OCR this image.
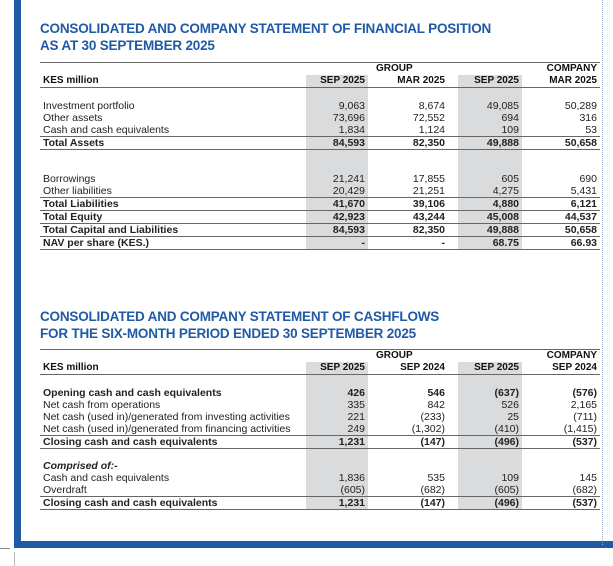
CONSOLIDATED AND COMPANY STATEMENT OF FINANCIAL POSITION
AS AT 30 SEPTEMBER 2025
		GROUP		COMPANY	
KES million	SEP 2025	MAR 2025		SEP 2025	MAR 2025

Investment portfolio	9,063	8,674		49,085	50,289
Other assets	73,696	72,552		694	316
Cash and cash equivalents	1,834	1,124		109	53
Total Assets	84,593	82,350		49,888	50,658

Borrowings	21,241	17,855		605	690
Other liabilities	20,429	21,251		4,275	5,431
Total Liabilities	41,670	39,106		4,880	6,121
Total Equity	42,923	43,244		45,008	44,537
Total Capital and Liabilities	84,593	82,350		49,888	50,658
NAV per share (KES.)	-	-		68.75	66.93
CONSOLIDATED AND COMPANY STATEMENT OF CASHFLOWS
FOR THE SIX-MONTH PERIOD ENDED 30 SEPTEMBER 2025
		GROUP		COMPANY	
KES million	SEP 2025	SEP 2024		SEP 2025	SEP 2024

Opening cash and cash equivalents	426	546		(637)	(576)
Net cash from operations	335	842		526	2,165
Net cash (used in)/generated from investing activities	221	(233)		25	(711)
Net cash (used in)/generated from financing activities	249	(1,302)		(410)	(1,415)
Closing cash and cash equivalents	1,231	(147)		(496)	(537)

Comprised of:-					
Cash and cash equivalents	1,836	535		109	145
Overdraft	(605)	(682)		(605)	(682)
Closing cash and cash equivalents	1,231	(147)		(496)	(537)
